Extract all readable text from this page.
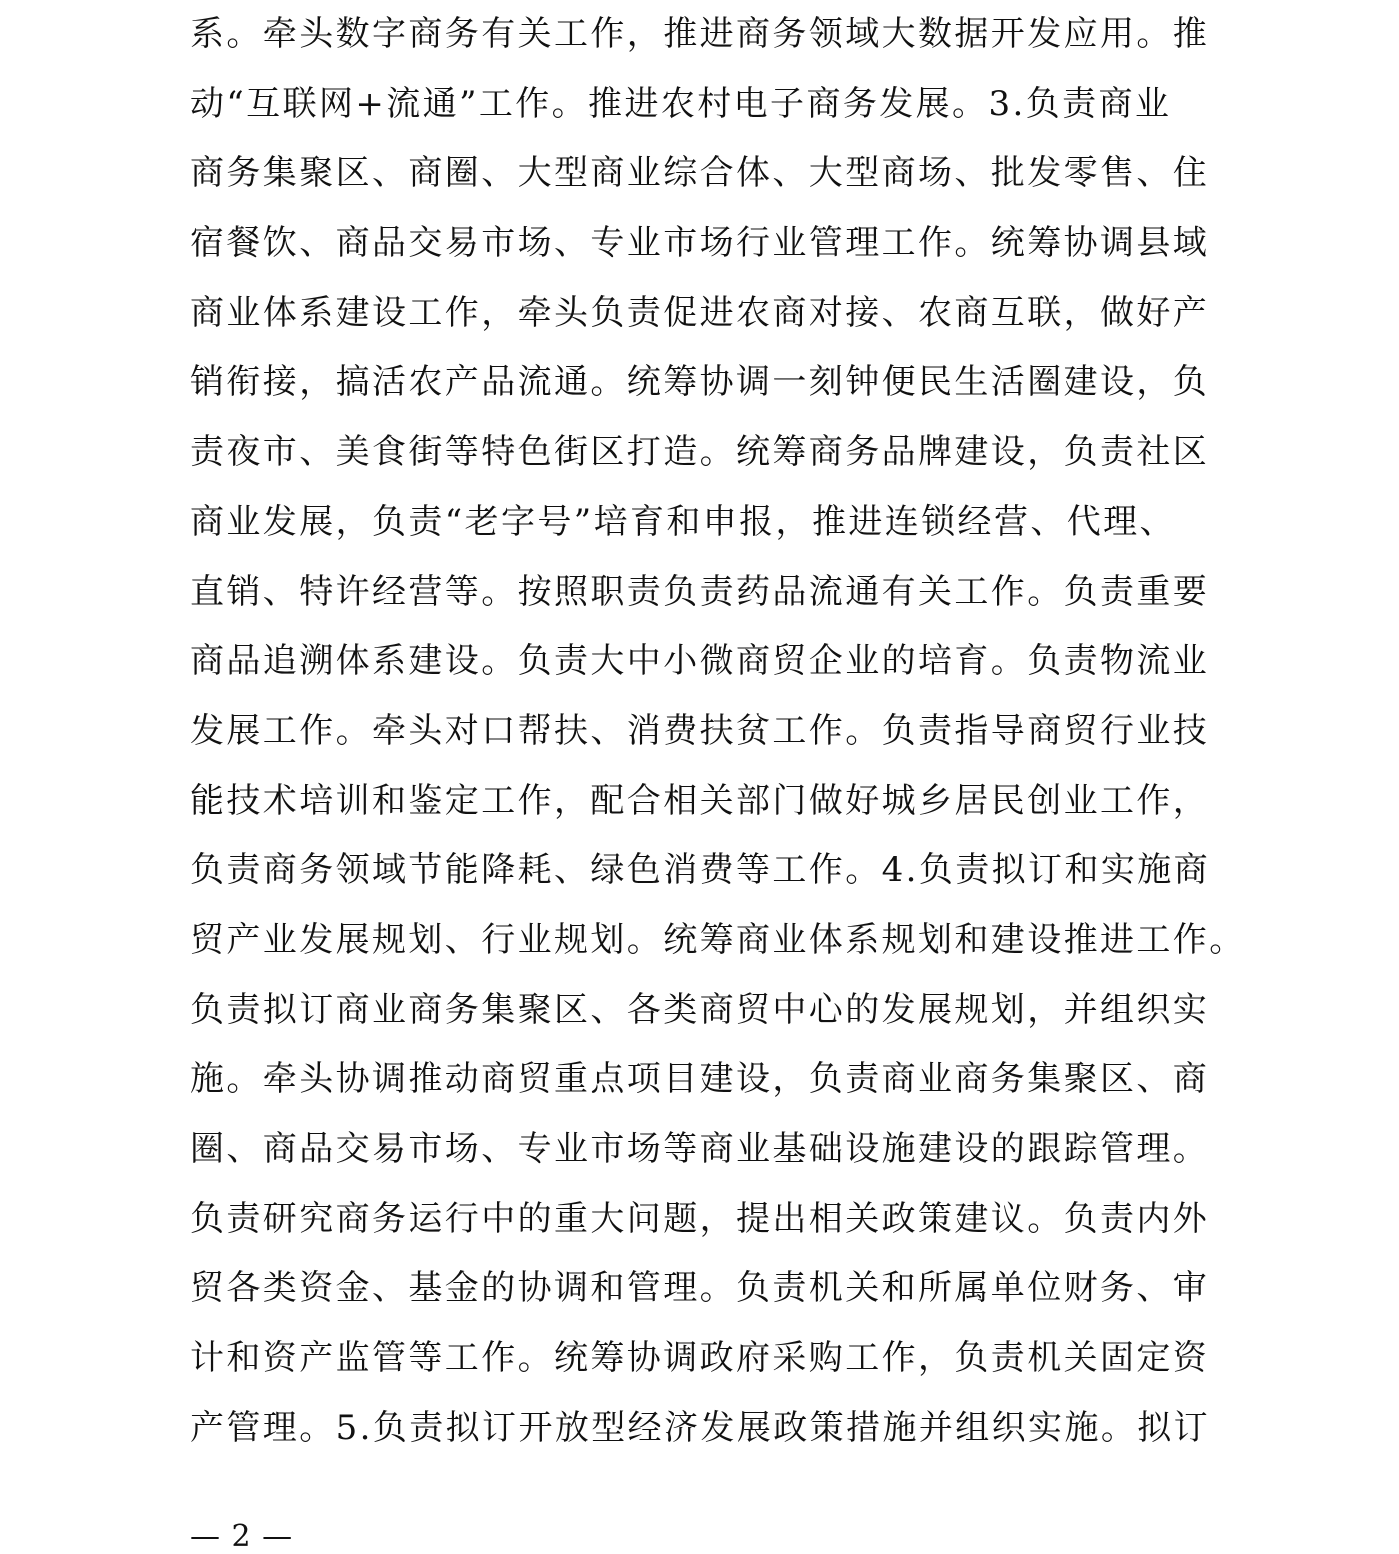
系。牵头数字商务有关工作，推进商务领域大数据开发应用。推
动“互联网+流通”工作。推进农村电子商务发展。3.负责商业
商务集聚区、商圈、大型商业综合体、大型商场、批发零售、住
宿餐饮、商品交易市场、专业市场行业管理工作。统筹协调县域
商业体系建设工作，牵头负责促进农商对接、农商互联，做好产
销衔接，搞活农产品流通。统筹协调一刻钟便民生活圈建设，负
责夜市、美食街等特色街区打造。统筹商务品牌建设，负责社区
商业发展，负责“老字号”培育和申报，推进连锁经营、代理、
直销、特许经营等。按照职责负责药品流通有关工作。负责重要
商品追溯体系建设。负责大中小微商贸企业的培育。负责物流业
发展工作。牵头对口帮扶、消费扶贫工作。负责指导商贸行业技
能技术培训和鉴定工作，配合相关部门做好城乡居民创业工作，
负责商务领域节能降耗、绿色消费等工作。4.负责拟订和实施商
贸产业发展规划、行业规划。统筹商业体系规划和建设推进工作。
负责拟订商业商务集聚区、各类商贸中心的发展规划，并组织实
施。牵头协调推动商贸重点项目建设，负责商业商务集聚区、商
圈、商品交易市场、专业市场等商业基础设施建设的跟踪管理。
负责研究商务运行中的重大问题，提出相关政策建议。负责内外
贸各类资金、基金的协调和管理。负责机关和所属单位财务、审
计和资产监管等工作。统筹协调政府采购工作，负责机关固定资
产管理。5.负责拟订开放型经济发展政策措施并组织实施。拟订
— 2 —
